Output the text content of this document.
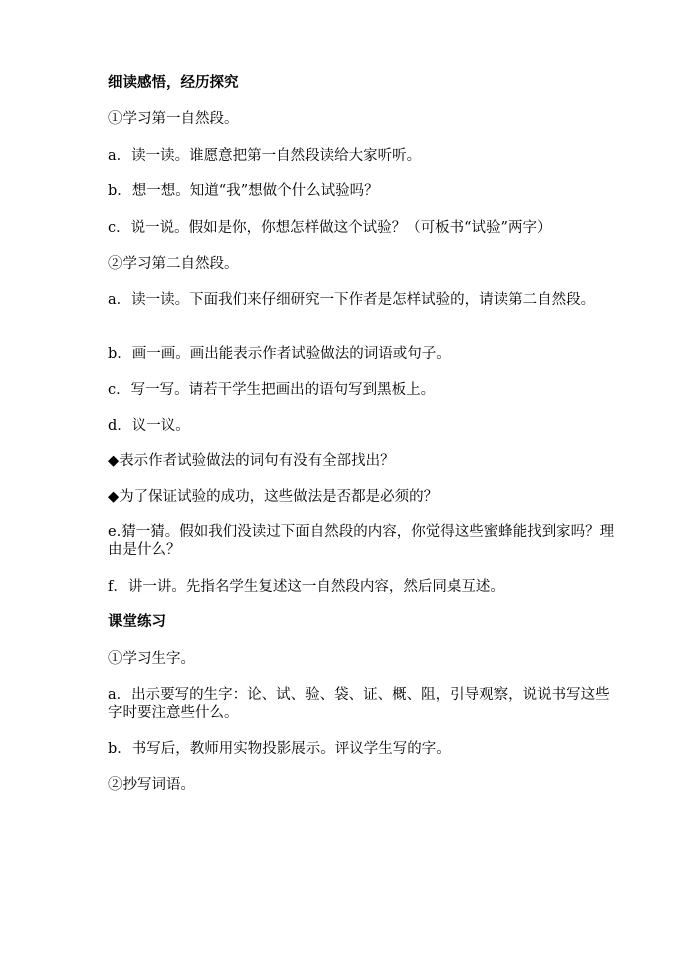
细读感悟，经历探究
①学习第一自然段。
a．读一读。谁愿意把第一自然段读给大家听听。
b．想一想。知道“我”想做个什么试验吗？
c．说一说。假如是你，你想怎样做这个试验？（可板书“试验”两字）
②学习第二自然段。
a．读一读。下面我们来仔细研究一下作者是怎样试验的，请读第二自然段。
b．画一画。画出能表示作者试验做法的词语或句子。
c．写一写。请若干学生把画出的语句写到黑板上。
d．议一议。
◆表示作者试验做法的词句有没有全部找出？
◆为了保证试验的成功，这些做法是否都是必须的？
e.猜一猜。假如我们没读过下面自然段的内容，你觉得这些蜜蜂能找到家吗？理由是什么？
f．讲一讲。先指名学生复述这一自然段内容，然后同桌互述。
课堂练习
①学习生字。
a．出示要写的生字：论、试、验、袋、证、概、阻，引导观察，说说书写这些字时要注意些什么。
b．书写后，教师用实物投影展示。评议学生写的字。
②抄写词语。
